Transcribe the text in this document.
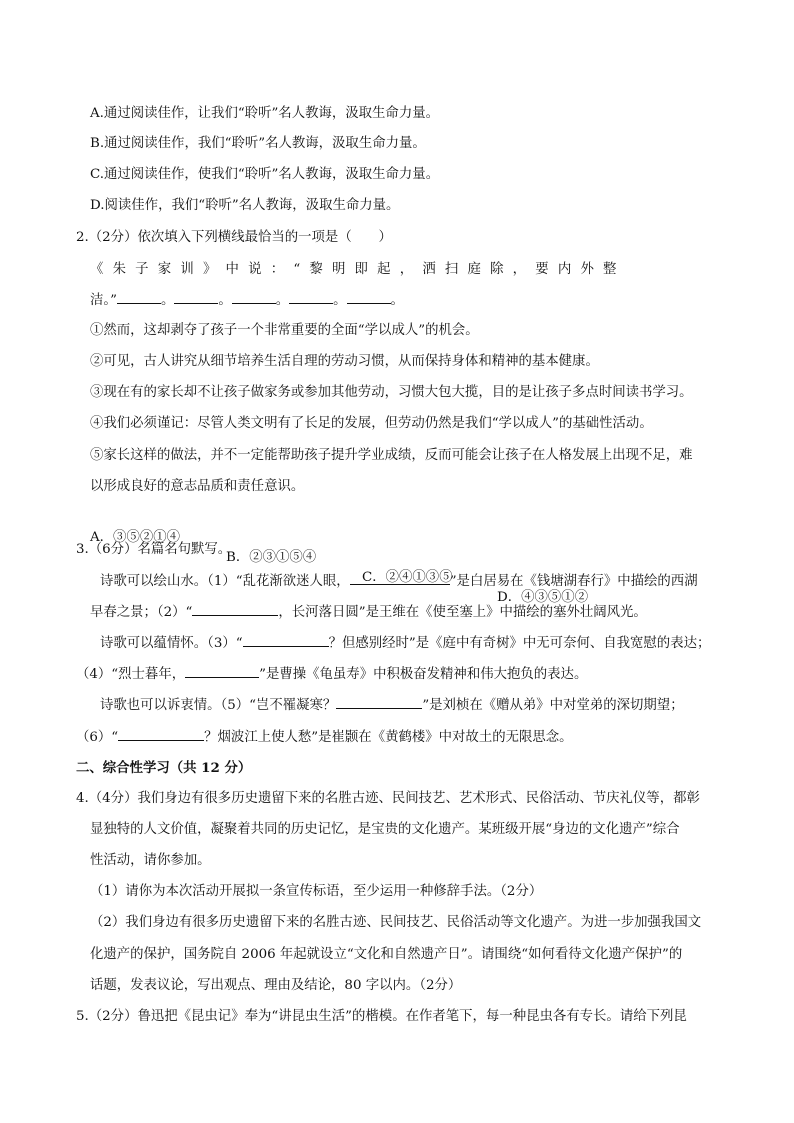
A.通过阅读佳作，让我们“聆听”名人教诲，汲取生命力量。
B.通过阅读佳作，我们“聆听”名人教诲，汲取生命力量。
C.通过阅读佳作，使我们“聆听”名人教诲，汲取生命力量。
D.阅读佳作，我们“聆听”名人教诲，汲取生命力量。
2.（2分）依次填入下列横线最恰当的一项是（　　）
《朱子家训》中说：“黎明即起，洒扫庭除，要内外整
洁。”	。	。	。	。	。
①然而，这却剥夺了孩子一个非常重要的全面“学以成人”的机会。
②可见，古人讲究从细节培养生活自理的劳动习惯，从而保持身体和精神的基本健康。
③现在有的家长却不让孩子做家务或参加其他劳动，习惯大包大揽，目的是让孩子多点时间读书学习。
④我们必须谨记：尽管人类文明有了长足的发展，但劳动仍然是我们“学以成人”的基础性活动。
⑤家长这样的做法，并不一定能帮助孩子提升学业成绩，反而可能会让孩子在人格发展上出现不足，难
以形成良好的意志品质和责任意识。

A．③⑤②①④

B．②③①⑤④

C．②④①③⑤

D．④③⑤①②

3.（6分）名篇名句默写。
诗歌可以绘山水。（1）“乱花渐欲迷人眼，	”是白居易在《钱塘湖春行》中描绘的西湖
早春之景；（2）“	，长河落日圆”是王维在《使至塞上》中描绘的塞外壮阔风光。
诗歌可以蕴情怀。（3）“	？但感别经时”是《庭中有奇树》中无可奈何、自我宽慰的表达；
（4）“烈士暮年，	”是曹操《龟虽寿》中积极奋发精神和伟大抱负的表达。
诗歌也可以诉衷情。（5）“岂不罹凝寒？	”是刘桢在《赠从弟》中对堂弟的深切期望；
（6）“	？烟波江上使人愁”是崔颢在《黄鹤楼》中对故土的无限思念。
二、综合性学习（共 12 分）
4.（4分）我们身边有很多历史遗留下来的名胜古迹、民间技艺、艺术形式、民俗活动、节庆礼仪等，都彰
显独特的人文价值，凝聚着共同的历史记忆，是宝贵的文化遗产。某班级开展“身边的文化遗产”综合
性活动，请你参加。
（1）请你为本次活动开展拟一条宣传标语，至少运用一种修辞手法。（2分）
（2）我们身边有很多历史遗留下来的名胜古迹、民间技艺、民俗活动等文化遗产。为进一步加强我国文
化遗产的保护，国务院自 2006 年起就设立“文化和自然遗产日”。请围绕“如何看待文化遗产保护”的
话题，发表议论，写出观点、理由及结论，80 字以内。（2分）
5.（2分）鲁迅把《昆虫记》奉为“讲昆虫生活”的楷模。在作者笔下，每一种昆虫各有专长。请给下列昆
